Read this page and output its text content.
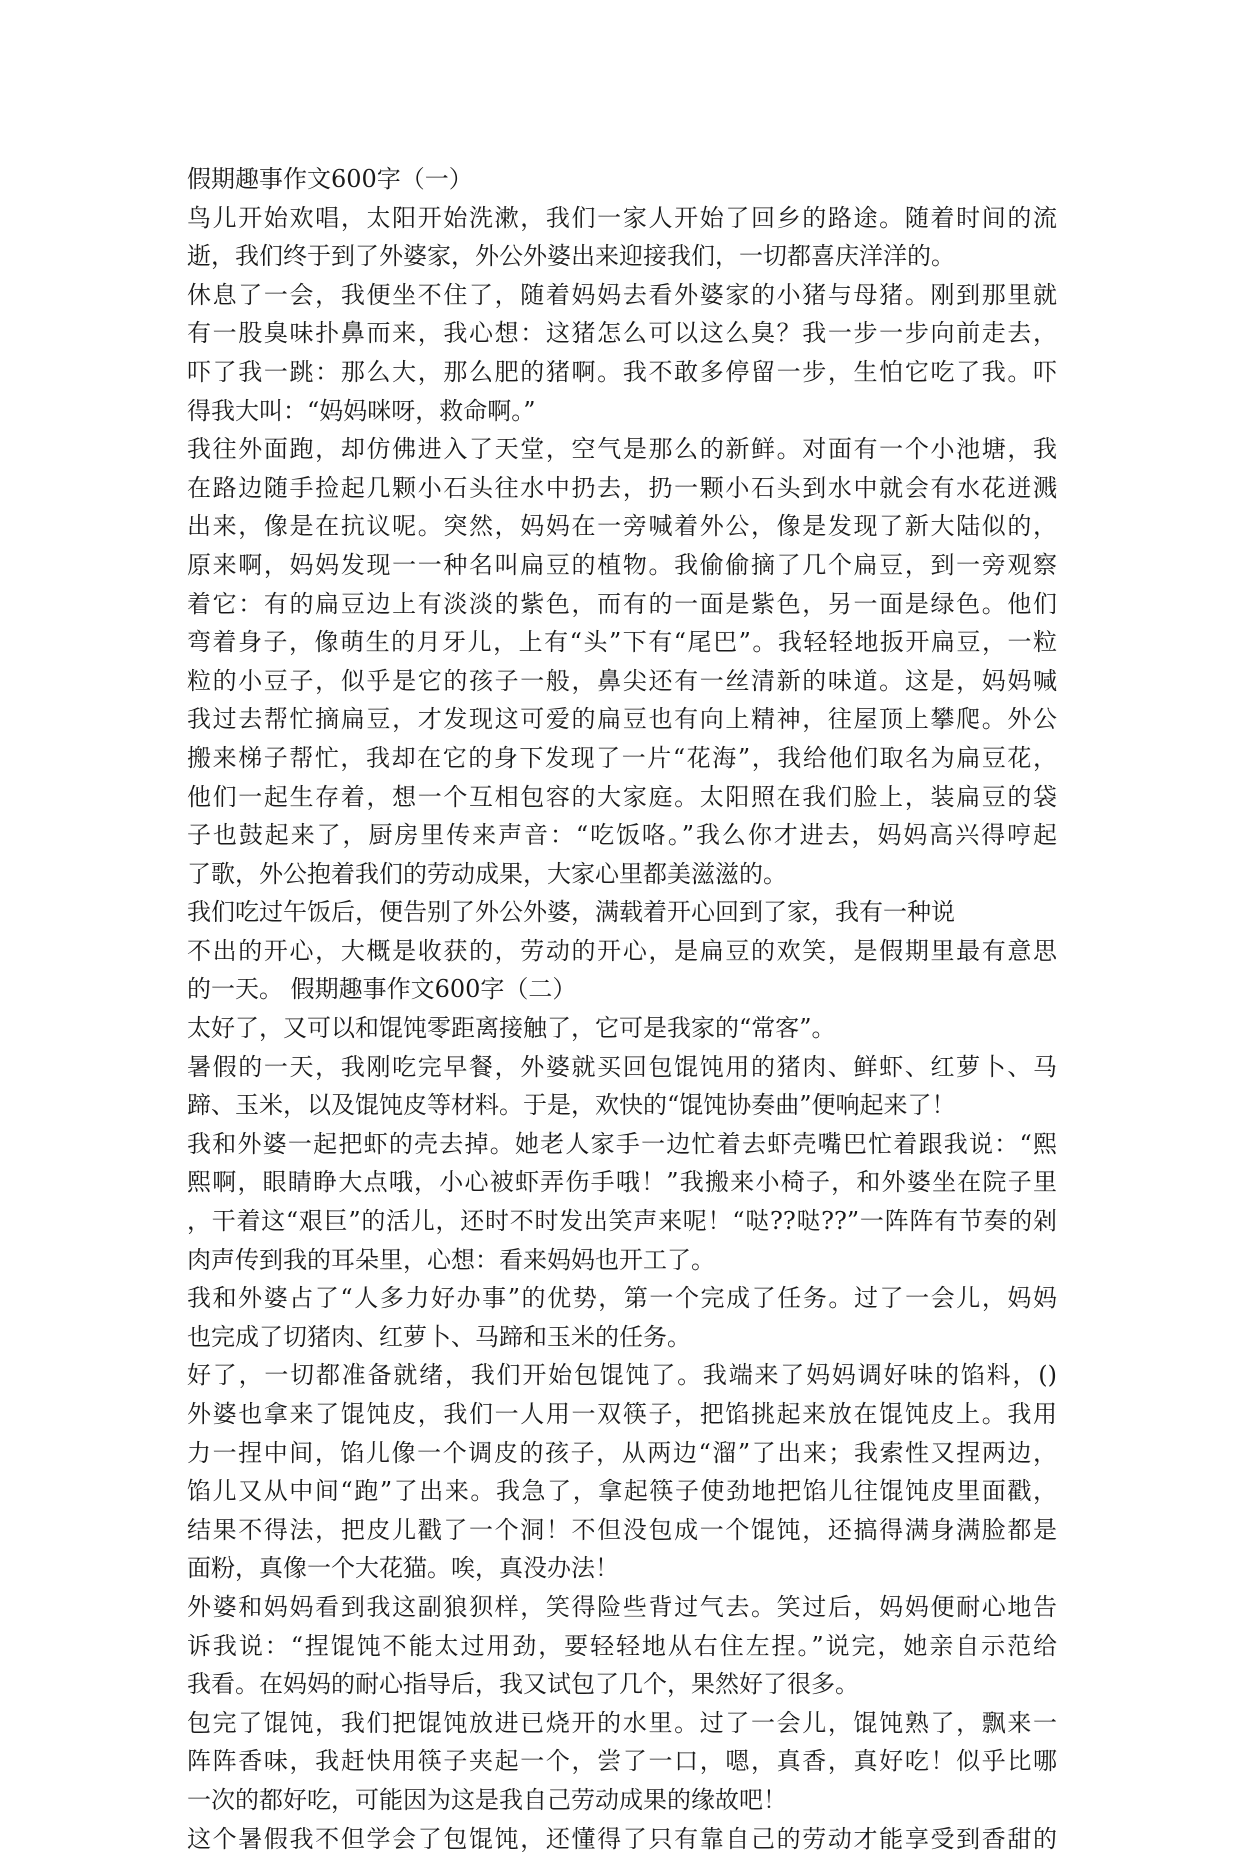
假期趣事作文600字（一）
鸟儿开始欢唱，太阳开始洗漱，我们一家人开始了回乡的路途。随着时间的流
逝，我们终于到了外婆家，外公外婆出来迎接我们，一切都喜庆洋洋的。
休息了一会，我便坐不住了，随着妈妈去看外婆家的小猪与母猪。刚到那里就
有一股臭味扑鼻而来，我心想：这猪怎么可以这么臭？我一步一步向前走去，
吓了我一跳：那么大，那么肥的猪啊。我不敢多停留一步，生怕它吃了我。吓
得我大叫：“妈妈咪呀，救命啊。”
我往外面跑，却仿佛进入了天堂，空气是那么的新鲜。对面有一个小池塘，我
在路边随手捡起几颗小石头往水中扔去，扔一颗小石头到水中就会有水花迸溅
出来，像是在抗议呢。突然，妈妈在一旁喊着外公，像是发现了新大陆似的，
原来啊，妈妈发现一一种名叫扁豆的植物。我偷偷摘了几个扁豆，到一旁观察
着它：有的扁豆边上有淡淡的紫色，而有的一面是紫色，另一面是绿色。他们
弯着身子，像萌生的月牙儿，上有“头”下有“尾巴”。我轻轻地扳开扁豆，一粒
粒的小豆子，似乎是它的孩子一般，鼻尖还有一丝清新的味道。这是，妈妈喊
我过去帮忙摘扁豆，才发现这可爱的扁豆也有向上精神，往屋顶上攀爬。外公
搬来梯子帮忙，我却在它的身下发现了一片“花海”，我给他们取名为扁豆花，
他们一起生存着，想一个互相包容的大家庭。太阳照在我们脸上，装扁豆的袋
子也鼓起来了，厨房里传来声音：“吃饭咯。”我么你才进去，妈妈高兴得哼起
了歌，外公抱着我们的劳动成果，大家心里都美滋滋的。
我们吃过午饭后，便告别了外公外婆，满载着开心回到了家，我有一种说
不出的开心，大概是收获的，劳动的开心，是扁豆的欢笑，是假期里最有意思
的一天。 假期趣事作文600字（二）
太好了，又可以和馄饨零距离接触了，它可是我家的“常客”。
暑假的一天，我刚吃完早餐，外婆就买回包馄饨用的猪肉、鲜虾、红萝卜、马
蹄、玉米，以及馄饨皮等材料。于是，欢快的“馄饨协奏曲”便响起来了！
我和外婆一起把虾的壳去掉。她老人家手一边忙着去虾壳嘴巴忙着跟我说：“熙
熙啊，眼睛睁大点哦，小心被虾弄伤手哦！”我搬来小椅子，和外婆坐在院子里
，干着这“艰巨”的活儿，还时不时发出笑声来呢！“哒??哒??”一阵阵有节奏的剁
肉声传到我的耳朵里，心想：看来妈妈也开工了。
我和外婆占了“人多力好办事”的优势，第一个完成了任务。过了一会儿，妈妈
也完成了切猪肉、红萝卜、马蹄和玉米的任务。
好了，一切都准备就绪，我们开始包馄饨了。我端来了妈妈调好味的馅料，()
外婆也拿来了馄饨皮，我们一人用一双筷子，把馅挑起来放在馄饨皮上。我用
力一捏中间，馅儿像一个调皮的孩子，从两边“溜”了出来；我索性又捏两边，
馅儿又从中间“跑”了出来。我急了，拿起筷子使劲地把馅儿往馄饨皮里面戳，
结果不得法，把皮儿戳了一个洞！不但没包成一个馄饨，还搞得满身满脸都是
面粉，真像一个大花猫。唉，真没办法！
外婆和妈妈看到我这副狼狈样，笑得险些背过气去。笑过后，妈妈便耐心地告
诉我说：“捏馄饨不能太过用劲，要轻轻地从右住左捏。”说完，她亲自示范给
我看。在妈妈的耐心指导后，我又试包了几个，果然好了很多。
包完了馄饨，我们把馄饨放进已烧开的水里。过了一会儿，馄饨熟了，飘来一
阵阵香味，我赶快用筷子夹起一个，尝了一口，嗯，真香，真好吃！似乎比哪
一次的都好吃，可能因为这是我自己劳动成果的缘故吧！
这个暑假我不但学会了包馄饨，还懂得了只有靠自己的劳动才能享受到香甜的
